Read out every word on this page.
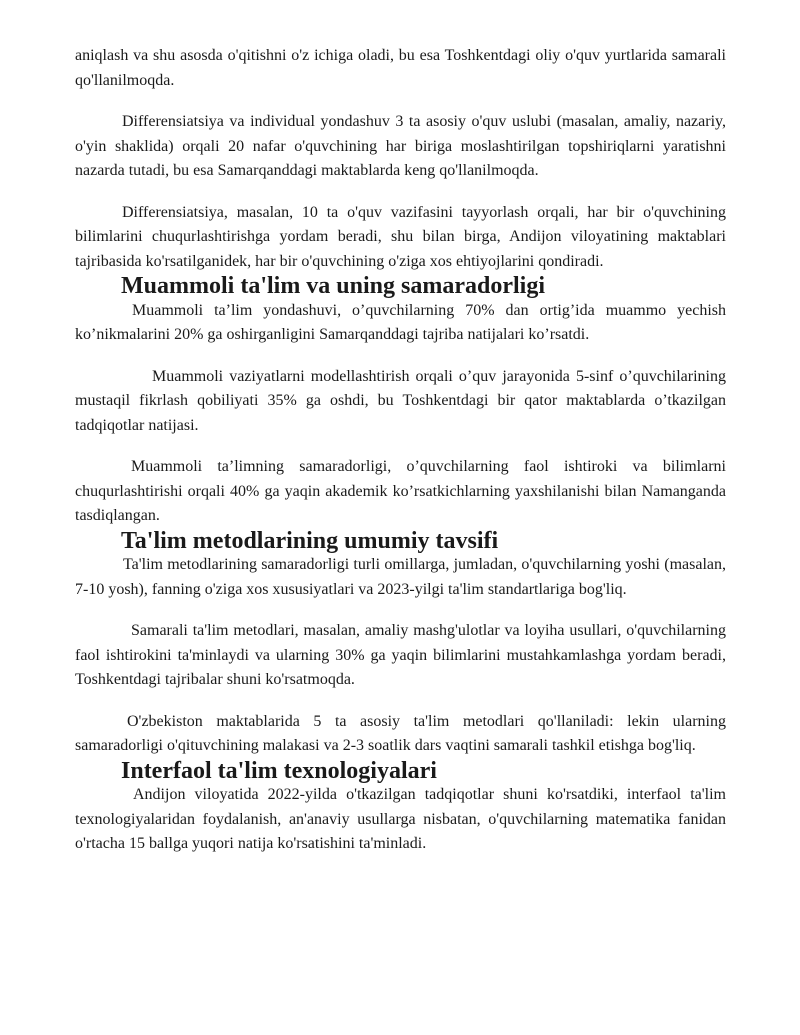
aniqlash va shu asosda o'qitishni o'z ichiga oladi, bu esa Toshkentdagi oliy o'quv yurtlarida samarali qo'llanilmoqda.

Differensiatsiya va individual yondashuv 3 ta asosiy o'quv uslubi (masalan, amaliy, nazariy, o'yin shaklida) orqali 20 nafar o'quvchining har biriga moslashtirilgan topshiriqlarni yaratishni nazarda tutadi, bu esa Samarqanddagi maktablarda keng qo'llanilmoqda.

Differensiatsiya, masalan, 10 ta o'quv vazifasini tayyorlash orqali, har bir o'quvchining bilimlarini chuqurlashtirishga yordam beradi, shu bilan birga, Andijon viloyatining maktablari tajribasida ko'rsatilganidek, har bir o'quvchining o'ziga xos ehtiyojlarini qondiradi.

Muammoli ta'lim va uning samaradorligi

Muammoli ta’lim yondashuvi, o’quvchilarning 70% dan ortig’ida muammo yechish ko’nikmalarini 20% ga oshirganligini Samarqanddagi tajriba natijalari ko’rsatdi.

Muammoli vaziyatlarni modellashtirish orqali o’quv jarayonida 5-sinf o’quvchilarining mustaqil fikrlash qobiliyati 35% ga oshdi, bu Toshkentdagi bir qator maktablarda o’tkazilgan tadqiqotlar natijasi.

Muammoli ta’limning samaradorligi, o’quvchilarning faol ishtiroki va bilimlarni chuqurlashtirishi orqali 40% ga yaqin akademik ko’rsatkichlarning yaxshilanishi bilan Namanganda tasdiqlangan.

Ta'lim metodlarining umumiy tavsifi

Ta'lim metodlarining samaradorligi turli omillarga, jumladan, o'quvchilarning yoshi (masalan, 7-10 yosh), fanning o'ziga xos xususiyatlari va 2023-yilgi ta'lim standartlariga bog'liq.

Samarali ta'lim metodlari, masalan, amaliy mashg'ulotlar va loyiha usullari, o'quvchilarning faol ishtirokini ta'minlaydi va ularning 30% ga yaqin bilimlarini mustahkamlashga yordam beradi, Toshkentdagi tajribalar shuni ko'rsatmoqda.

O'zbekiston maktablarida 5 ta asosiy ta'lim metodlari qo'llaniladi: lekin ularning samaradorligi o'qituvchining malakasi va 2-3 soatlik dars vaqtini samarali tashkil etishga bog'liq.

Interfaol ta'lim texnologiyalari

Andijon viloyatida 2022-yilda o'tkazilgan tadqiqotlar shuni ko'rsatdiki, interfaol ta'lim texnologiyalaridan foydalanish, an'anaviy usullarga nisbatan, o'quvchilarning matematika fanidan o'rtacha 15 ballga yuqori natija ko'rsatishini ta'minladi.
